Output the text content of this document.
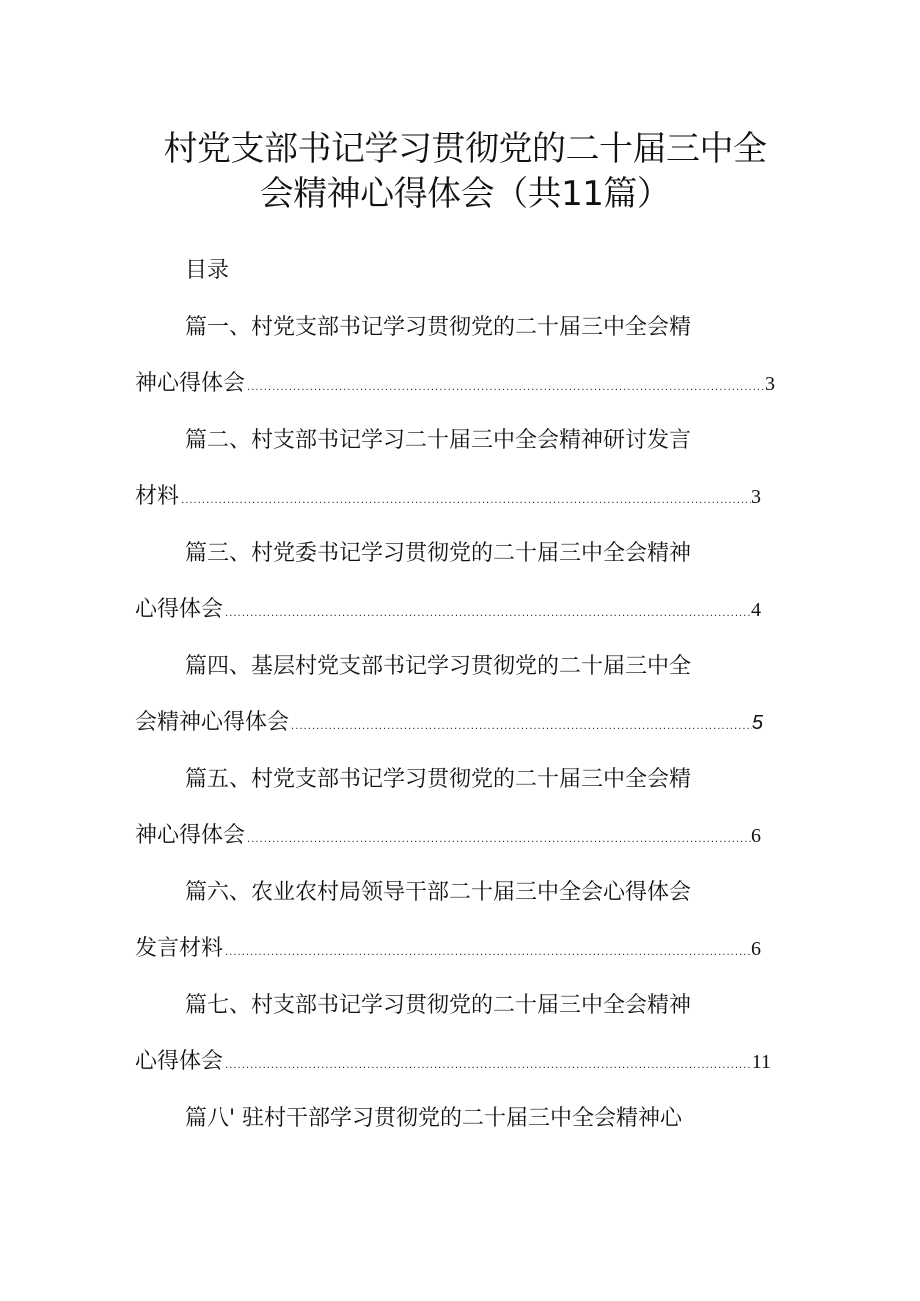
村党支部书记学习贯彻党的二十届三中全
会精神心得体会（共11篇）
目录
篇一、村党支部书记学习贯彻党的二十届三中全会精
神心得体会 .....	3
篇二、村支部书记学习二十届三中全会精神研讨发言
材料 .....	3
篇三、村党委书记学习贯彻党的二十届三中全会精神
心得体会 .....	4
篇四、基层村党支部书记学习贯彻党的二十届三中全
会精神心得体会 .....	5
篇五、村党支部书记学习贯彻党的二十届三中全会精
神心得体会 .....	6
篇六、农业农村局领导干部二十届三中全会心得体会
发言材料 .....	6
篇七、村支部书记学习贯彻党的二十届三中全会精神
心得体会 .....	11
篇八' 驻村干部学习贯彻党的二十届三中全会精神心
